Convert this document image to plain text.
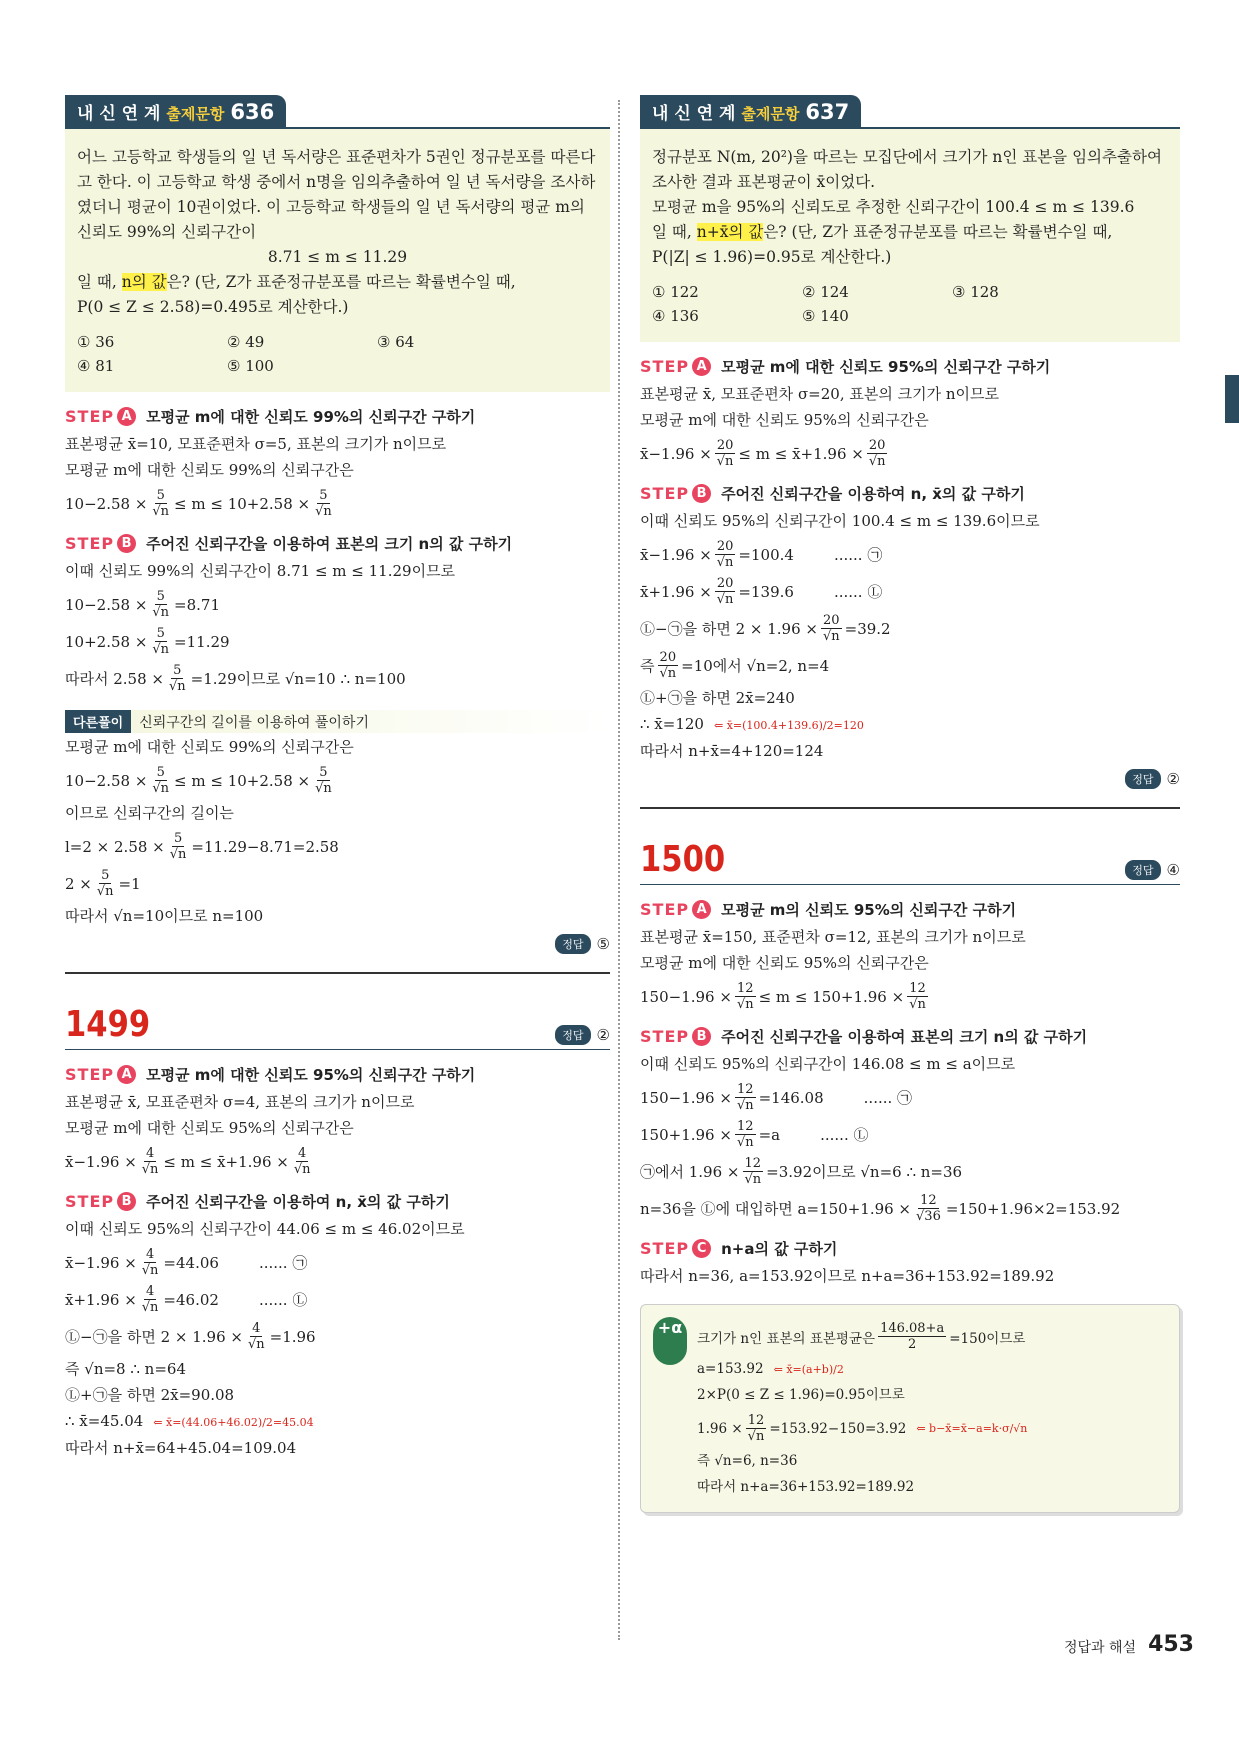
내 신 연 계 출제문항 636
어느 고등학교 학생들의 일 년 독서량은 표준편차가 5권인 정규분포를 따른다고 한다. 이 고등학교 학생 중에서 n명을 임의추출하여 일 년 독서량을 조사하였더니 평균이 10권이었다. 이 고등학교 학생들의 일 년 독서량의 평균 m의 신뢰도 99%의 신뢰구간이
8.71 ≤ m ≤ 11.29
일 때, n의 값은? (단, Z가 표준정규분포를 따르는 확률변수일 때,
P(0 ≤ Z ≤ 2.58)=0.495로 계산한다.)
① 36	② 49	③ 64
④ 81	⑤ 100
STEP A 모평균 m에 대한 신뢰도 99%의 신뢰구간 구하기
표본평균 x̄=10, 모표준편차 σ=5, 표본의 크기가 n이므로
모평균 m에 대한 신뢰도 99%의 신뢰구간은
$10-2.58 \times \frac{5}{√n} \le m \le 10+2.58 \times \frac{5}{√n}$
STEP B 주어진 신뢰구간을 이용하여 표본의 크기 n의 값 구하기
이때 신뢰도 99%의 신뢰구간이 8.71 ≤ m ≤ 11.29이므로
$10-2.58 \times \frac{5}{√n} =8.71$
$10+2.58 \times \frac{5}{√n} =11.29$
따라서 $2.58 \times \frac{5}{√n} =1.29$이므로 √n=10 ∴ n=100
다른풀이	신뢰구간의 길이를 이용하여 풀이하기
모평균 m에 대한 신뢰도 99%의 신뢰구간은
$10-2.58 \times \frac{5}{√n} \le m \le 10+2.58 \times \frac{5}{√n}$
이므로 신뢰구간의 길이는
$l=2 \times 2.58 \times \frac{5}{√n} =11.29-8.71=2.58$
$2 \times \frac{5}{√n} =1$
따라서 √n=10이므로 n=100
정답 ⑤
1499	정답 ②
STEP A 모평균 m에 대한 신뢰도 95%의 신뢰구간 구하기
표본평균 x̄, 모표준편차 σ=4, 표본의 크기가 n이므로
모평균 m에 대한 신뢰도 95%의 신뢰구간은
x̄−1.96 × $\frac{4}{√n} \le m$ ≤ x̄+1.96 × $\frac{4}{√n}$
STEP B 주어진 신뢰구간을 이용하여 n, x̄의 값 구하기
이때 신뢰도 95%의 신뢰구간이 44.06 ≤ m ≤ 46.02이므로
x̄−1.96 × $\frac{4}{√n} =44.06$	...... ㉠
x̄+1.96 × $\frac{4}{√n} =46.02$	...... Ⓛ
Ⓛ−㉠을 하면 $2 \times 1.96 \times \frac{4}{√n} =1.96$
즉 √n=8 ∴ n=64
Ⓛ+㉠을 하면 2x̄=90.08
∴ x̄=45.04 ⇐ x̄=(44.06+46.02)/2=45.04
따라서 n+x̄=64+45.04=109.04
내 신 연 계 출제문항 637
정규분포 N(m, 20²)을 따르는 모집단에서 크기가 n인 표본을 임의추출하여 조사한 결과 표본평균이 x̄이었다.
모평균 m을 95%의 신뢰도로 추정한 신뢰구간이 100.4 ≤ m ≤ 139.6
일 때, n+x̄의 값은? (단, Z가 표준정규분포를 따르는 확률변수일 때,
P(|Z| ≤ 1.96)=0.95로 계산한다.)
① 122	② 124	③ 128
④ 136	⑤ 140
STEP A 모평균 m에 대한 신뢰도 95%의 신뢰구간 구하기
표본평균 x̄, 모표준편차 σ=20, 표본의 크기가 n이므로
모평균 m에 대한 신뢰도 95%의 신뢰구간은
x̄−1.96 × $\frac{20}{√n} \le m$ ≤ x̄+1.96 × $\frac{20}{√n}$
STEP B 주어진 신뢰구간을 이용하여 n, x̄의 값 구하기
이때 신뢰도 95%의 신뢰구간이 100.4 ≤ m ≤ 139.6이므로
x̄−1.96 × $\frac{20}{√n} =100.4$	...... ㉠
x̄+1.96 × $\frac{20}{√n} =139.6$	...... Ⓛ
Ⓛ−㉠을 하면 $2 \times 1.96 \times \frac{20}{√n} =39.2$
즉 $\frac{20}{√n} =10$에서 √n=2, n=4
Ⓛ+㉠을 하면 2x̄=240
∴ x̄=120 ⇐ x̄=(100.4+139.6)/2=120
따라서 n+x̄=4+120=124
정답 ②
1500	정답 ④
STEP A 모평균 m의 신뢰도 95%의 신뢰구간 구하기
표본평균 x̄=150, 표준편차 σ=12, 표본의 크기가 n이므로
모평균 m에 대한 신뢰도 95%의 신뢰구간은
$150-1.96 \times \frac{12}{√n} \le m \le 150+1.96 \times \frac{12}{√n}$
STEP B 주어진 신뢰구간을 이용하여 표본의 크기 n의 값 구하기
이때 신뢰도 95%의 신뢰구간이 146.08 ≤ m ≤ a이므로
$150-1.96 \times \frac{12}{√n} =146.08$	...... ㉠
$150+1.96 \times \frac{12}{√n} =a$	...... Ⓛ
㉠에서 $1.96 \times \frac{12}{√n} =3.92$이므로 √n=6 ∴ n=36
n=36을 Ⓛ에 대입하면 $a=150+1.96 \times \frac{12}{√36} =150+1.96\times 2=153.92$
STEP C n+a의 값 구하기
따라서 n=36, a=153.92이므로 n+a=36+153.92=189.92
+α
크기가 n인 표본의 표본평균은 $\frac{146.08+a}{2} =150$이므로
a=153.92 ⇐ x̄=(a+b)/2
2×P(0 ≤ Z ≤ 1.96)=0.95이므로
$1.96 \times \frac{12}{√n} =153.92-150=3.92$ ⇐ b−x̄=x̄−a=k·σ/√n
즉 √n=6, n=36
따라서 n+a=36+153.92=189.92
정답과 해설 453
